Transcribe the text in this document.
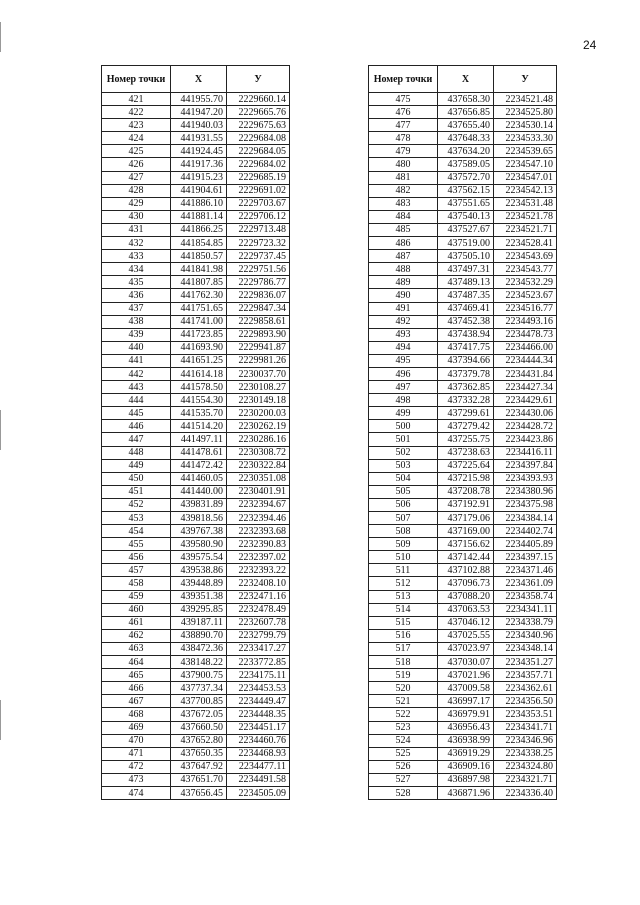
24
Номер точки	X	У
421	441955.70	2229660.14
422	441947.20	2229665.76
423	441940.03	2229675.63
424	441931.55	2229684.08
425	441924.45	2229684.05
426	441917.36	2229684.02
427	441915.23	2229685.19
428	441904.61	2229691.02
429	441886.10	2229703.67
430	441881.14	2229706.12
431	441866.25	2229713.48
432	441854.85	2229723.32
433	441850.57	2229737.45
434	441841.98	2229751.56
435	441807.85	2229786.77
436	441762.30	2229836.07
437	441751.65	2229847.34
438	441741.00	2229858.61
439	441723.85	2229893.90
440	441693.90	2229941.87
441	441651.25	2229981.26
442	441614.18	2230037.70
443	441578.50	2230108.27
444	441554.30	2230149.18
445	441535.70	2230200.03
446	441514.20	2230262.19
447	441497.11	2230286.16
448	441478.61	2230308.72
449	441472.42	2230322.84
450	441460.05	2230351.08
451	441440.00	2230401.91
452	439831.89	2232394.67
453	439818.56	2232394.46
454	439767.38	2232393.68
455	439580.90	2232390.83
456	439575.54	2232397.02
457	439538.86	2232393.22
458	439448.89	2232408.10
459	439351.38	2232471.16
460	439295.85	2232478.49
461	439187.11	2232607.78
462	438890.70	2232799.79
463	438472.36	2233417.27
464	438148.22	2233772.85
465	437900.75	2234175.11
466	437737.34	2234453.53
467	437700.85	2234449.47
468	437672.05	2234448.35
469	437660.50	2234451.17
470	437652.80	2234460.76
471	437650.35	2234468.93
472	437647.92	2234477.11
473	437651.70	2234491.58
474	437656.45	2234505.09
Номер точки	X	У
475	437658.30	2234521.48
476	437656.85	2234525.80
477	437655.40	2234530.14
478	437648.33	2234533.30
479	437634.20	2234539.65
480	437589.05	2234547.10
481	437572.70	2234547.01
482	437562.15	2234542.13
483	437551.65	2234531.48
484	437540.13	2234521.78
485	437527.67	2234521.71
486	437519.00	2234528.41
487	437505.10	2234543.69
488	437497.31	2234543.77
489	437489.13	2234532.29
490	437487.35	2234523.67
491	437469.41	2234516.77
492	437452.38	2234493.16
493	437438.94	2234478.73
494	437417.75	2234466.00
495	437394.66	2234444.34
496	437379.78	2234431.84
497	437362.85	2234427.34
498	437332.28	2234429.61
499	437299.61	2234430.06
500	437279.42	2234428.72
501	437255.75	2234423.86
502	437238.63	2234416.11
503	437225.64	2234397.84
504	437215.98	2234393.93
505	437208.78	2234380.96
506	437192.91	2234375.98
507	437179.06	2234384.14
508	437169.00	2234402.74
509	437156.62	2234405.89
510	437142.44	2234397.15
511	437102.88	2234371.46
512	437096.73	2234361.09
513	437088.20	2234358.74
514	437063.53	2234341.11
515	437046.12	2234338.79
516	437025.55	2234340.96
517	437023.97	2234348.14
518	437030.07	2234351.27
519	437021.96	2234357.71
520	437009.58	2234362.61
521	436997.17	2234356.50
522	436979.91	2234353.51
523	436956.43	2234341.71
524	436938.99	2234346.96
525	436919.29	2234338.25
526	436909.16	2234324.80
527	436897.98	2234321.71
528	436871.96	2234336.40
